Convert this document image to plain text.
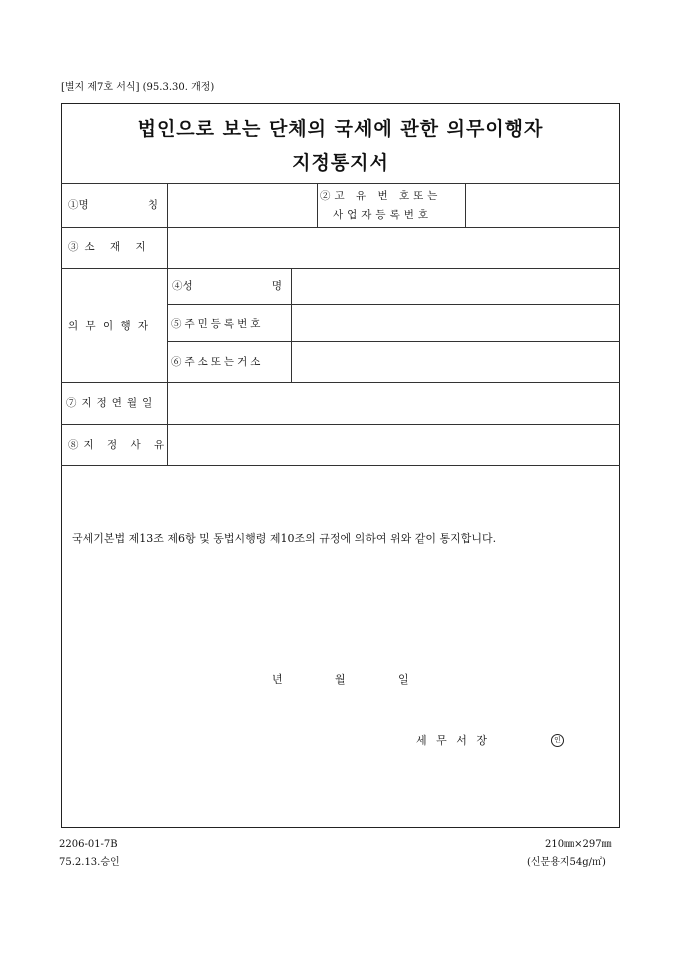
[별지 제7호 서식] (95.3.30. 개정)
법인으로 보는 단체의 국세에 관한 의무이행자
지정통지서
①명	칭
②고 유 번 호또는
사업자등록번호
③소 재 지
의 무 이 행 자
④성	명
⑤주민등록번호
⑥주소또는거소
⑦지정연월일
⑧지 정 사 유
국세기본법 제13조 제6항 및 동법시행령 제10조의 규정에 의하여 위와 같이 통지합니다.
년	월	일
세 무 서 장	인
2206-01-7B
75.2.13.승인
210㎜×297㎜
(신문용지54g/㎡)
